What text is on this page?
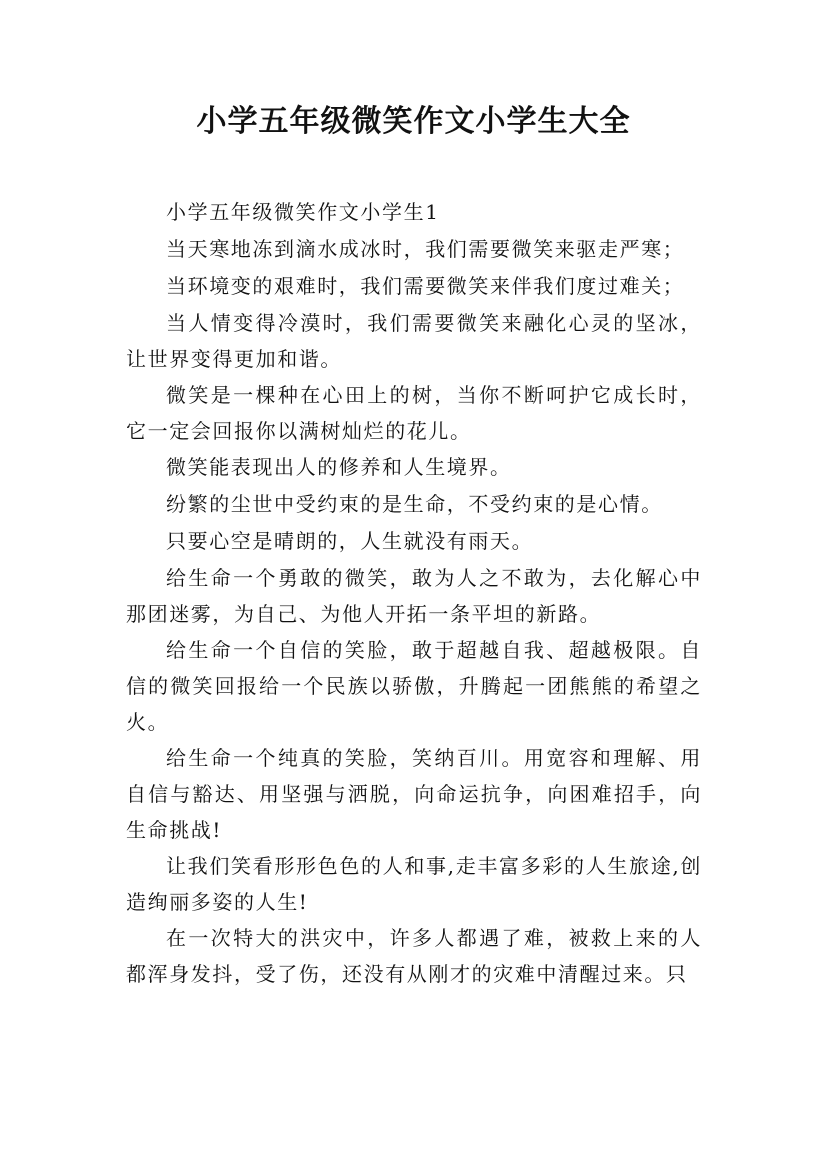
小学五年级微笑作文小学生大全

小学五年级微笑作文小学生1

当天寒地冻到滴水成冰时，我们需要微笑来驱走严寒；

当环境变的艰难时，我们需要微笑来伴我们度过难关；

当人情变得冷漠时，我们需要微笑来融化心灵的坚冰，让世界变得更加和谐。

微笑是一棵种在心田上的树，当你不断呵护它成长时，它一定会回报你以满树灿烂的花儿。

微笑能表现出人的修养和人生境界。

纷繁的尘世中受约束的是生命，不受约束的是心情。

只要心空是晴朗的，人生就没有雨天。

给生命一个勇敢的微笑，敢为人之不敢为，去化解心中那团迷雾，为自己、为他人开拓一条平坦的新路。

给生命一个自信的笑脸，敢于超越自我、超越极限。自信的微笑回报给一个民族以骄傲，升腾起一团熊熊的希望之火。

给生命一个纯真的笑脸，笑纳百川。用宽容和理解、用自信与豁达、用坚强与洒脱，向命运抗争，向困难招手，向生命挑战!

让我们笑看形形色色的人和事,走丰富多彩的人生旅途,创造绚丽多姿的人生!

在一次特大的洪灾中，许多人都遇了难，被救上来的人都浑身发抖，受了伤，还没有从刚才的灾难中清醒过来。只
